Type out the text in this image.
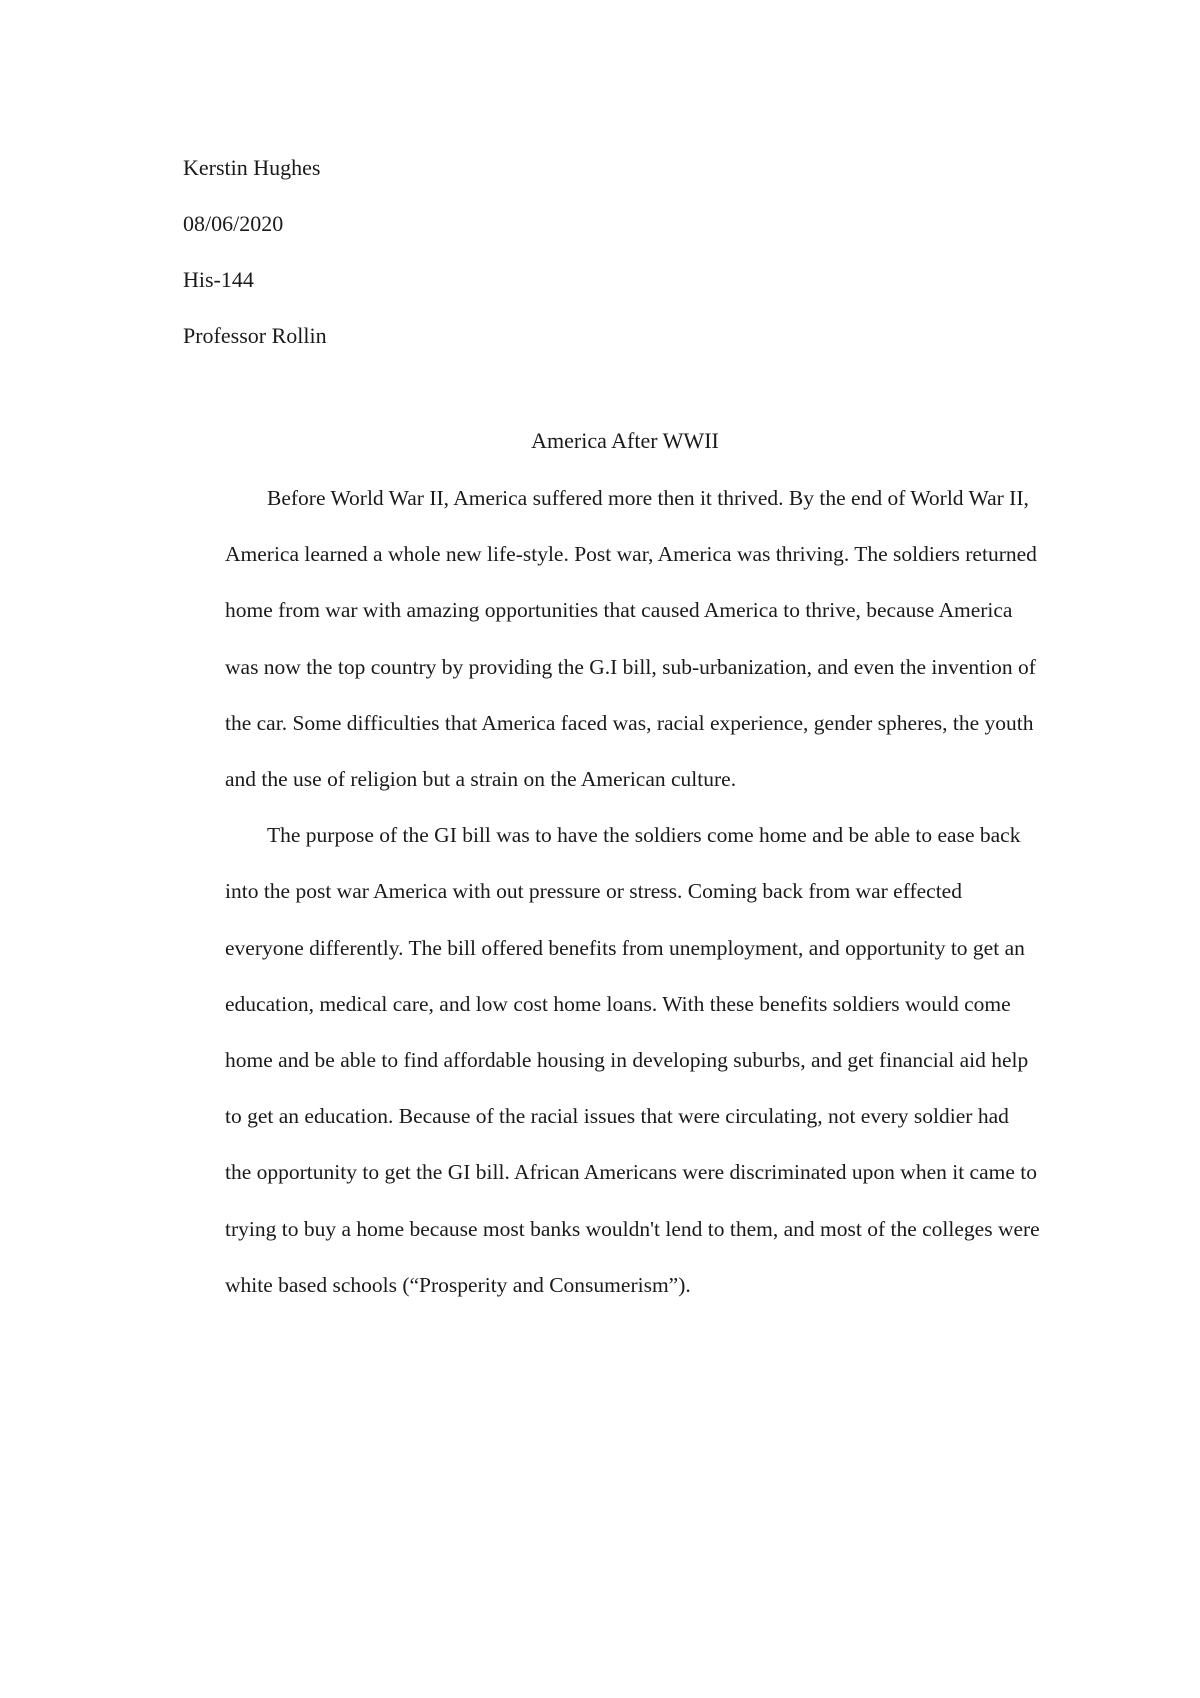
Kerstin Hughes
08/06/2020
His-144
Professor Rollin
America After WWII

Before World War II, America suffered more then it thrived. By the end of World War II, America learned a whole new life-style. Post war, America was thriving. The soldiers returned home from war with amazing opportunities that caused America to thrive, because America was now the top country by providing the G.I bill, sub-urbanization, and even the invention of the car. Some difficulties that America faced was, racial experience, gender spheres, the youth and the use of religion but a strain on the American culture.

The purpose of the GI bill was to have the soldiers come home and be able to ease back into the post war America with out pressure or stress. Coming back from war effected everyone differently. The bill offered benefits from unemployment, and opportunity to get an education, medical care, and low cost home loans. With these benefits soldiers would come home and be able to find affordable housing in developing suburbs, and get financial aid help to get an education. Because of the racial issues that were circulating, not every soldier had the opportunity to get the GI bill. African Americans were discriminated upon when it came to trying to buy a home because most banks wouldn't lend to them, and most of the colleges were white based schools (“Prosperity and Consumerism”).
